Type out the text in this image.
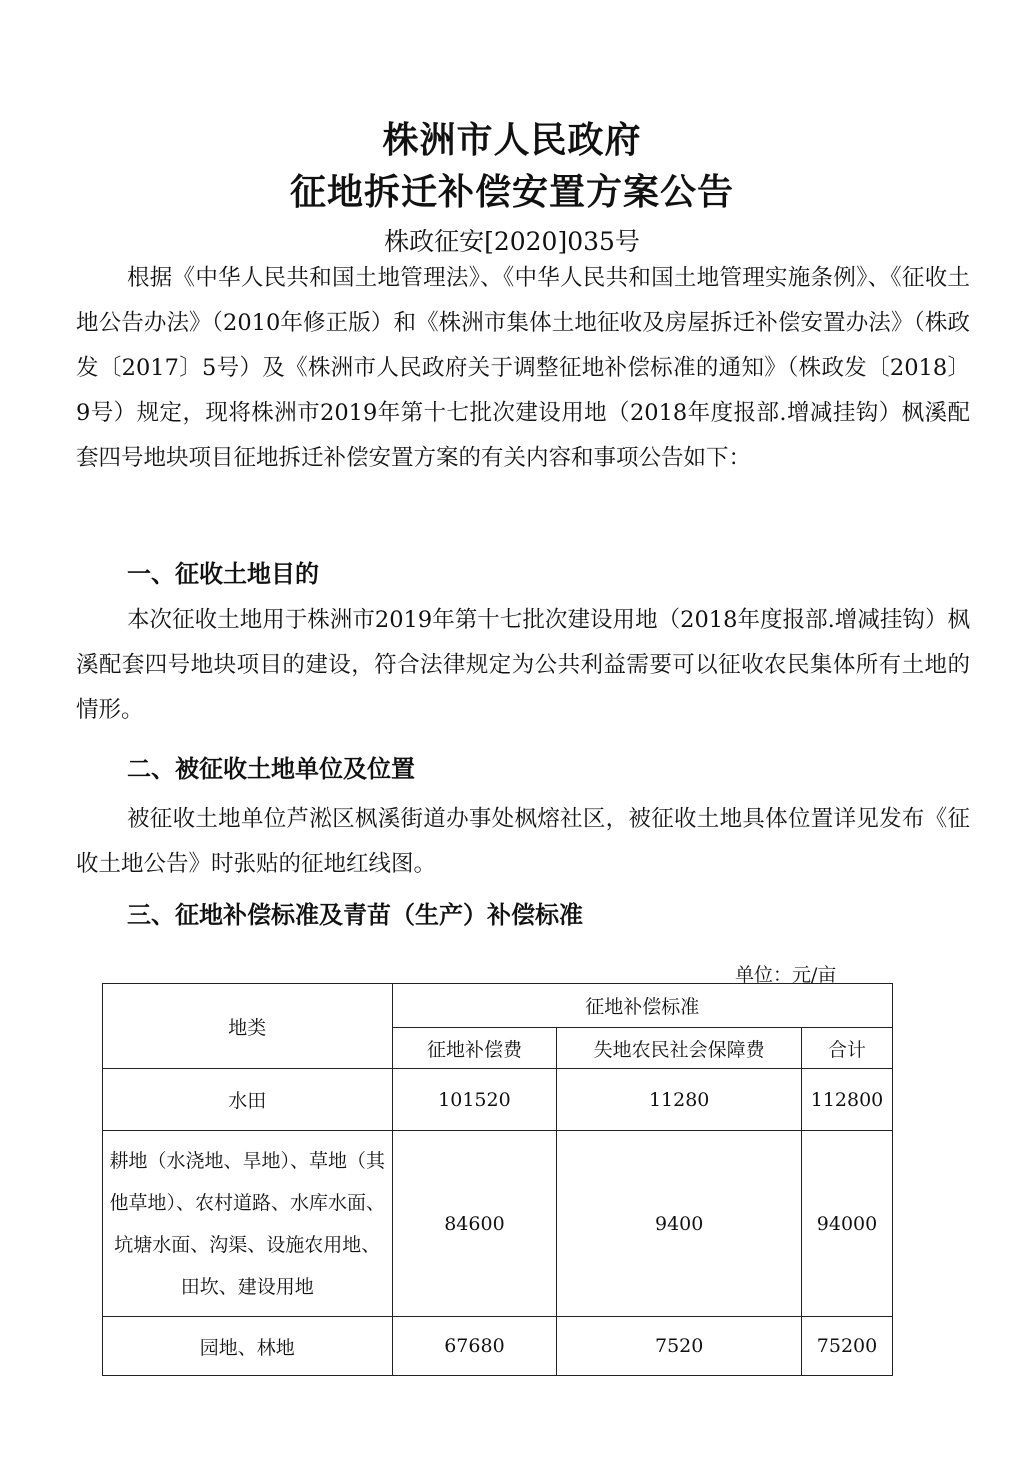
株洲市人民政府
征地拆迁补偿安置方案公告

株政征安[2020]035号

根据《中华人民共和国土地管理法》、《中华人民共和国土地管理实施条例》、《征收土地公告办法》（2010年修正版）和《株洲市集体土地征收及房屋拆迁补偿安置办法》（株政发〔2017〕5号）及《株洲市人民政府关于调整征地补偿标准的通知》（株政发〔2018〕9号）规定，现将株洲市2019年第十七批次建设用地（2018年度报部.增减挂钩）枫溪配套四号地块项目征地拆迁补偿安置方案的有关内容和事项公告如下：

一、征收土地目的

本次征收土地用于株洲市2019年第十七批次建设用地（2018年度报部.增减挂钩）枫溪配套四号地块项目的建设，符合法律规定为公共利益需要可以征收农民集体所有土地的情形。

二、被征收土地单位及位置

被征收土地单位芦淞区枫溪街道办事处枫熔社区，被征收土地具体位置详见发布《征收土地公告》时张贴的征地红线图。

三、征地补偿标准及青苗（生产）补偿标准

单位：元/亩

地类	征地补偿标准		
	征地补偿费	失地农民社会保障费	合计
水田	101520	11280	112800
耕地（水浇地、旱地）、草地（其他草地）、农村道路、水库水面、坑塘水面、沟渠、设施农用地、田坎、建设用地	84600	9400	94000
园地、林地	67680	7520	75200
